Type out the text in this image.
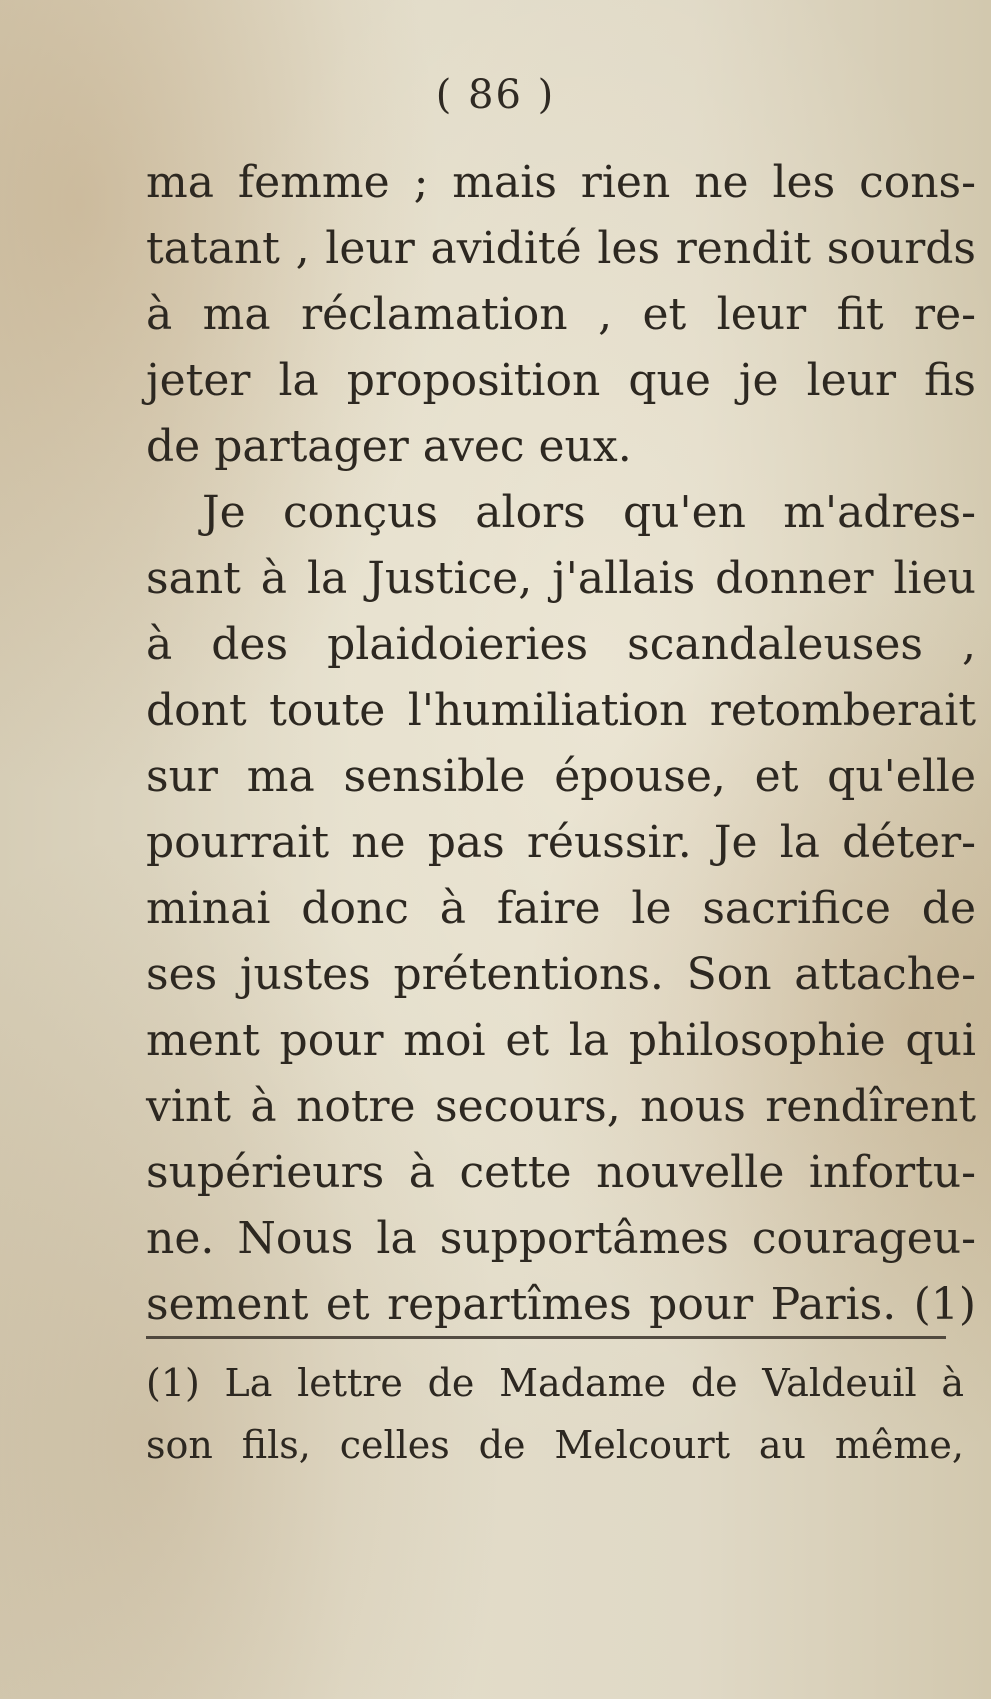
( 86 )
ma femme ; mais rien ne les cons-
tatant , leur avidité les rendit sourds
à ma réclamation , et leur fit re-
jeter la proposition que je leur fis
de partager avec eux.
Je conçus alors qu'en m'adres-
sant à la Justice, j'allais donner lieu
à des plaidoieries scandaleuses ,
dont toute l'humiliation retomberait
sur ma sensible épouse, et qu'elle
pourrait ne pas réussir. Je la déter-
minai donc à faire le sacrifice de
ses justes prétentions. Son attache-
ment pour moi et la philosophie qui
vint à notre secours, nous rendîrent
supérieurs à cette nouvelle infortu-
ne. Nous la supportâmes courageu-
sement et repartîmes pour Paris. (1)
(1) La lettre de Madame de Valdeuil à
son fils, celles de Melcourt au même,
